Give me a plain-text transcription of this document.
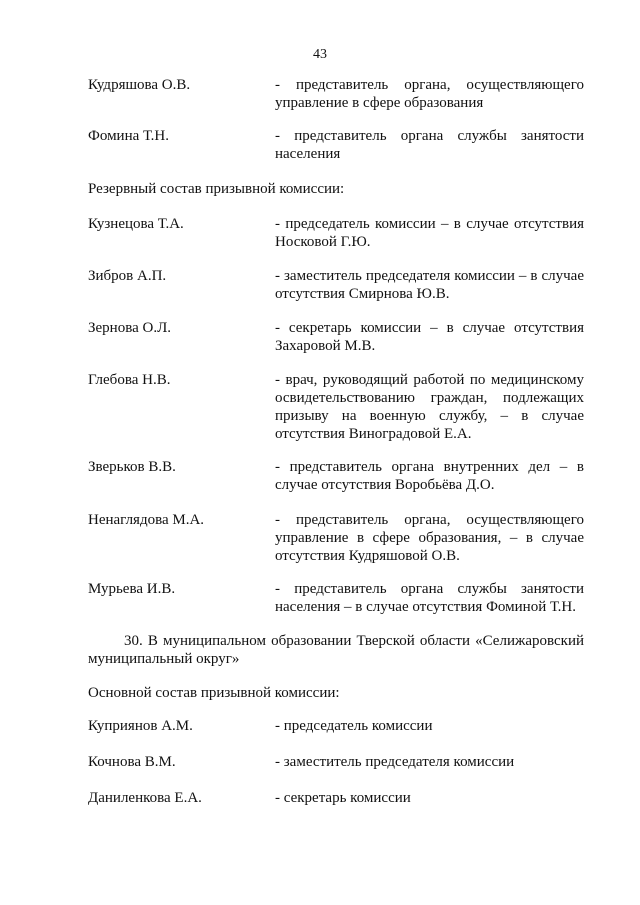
43
Кудряшова О.В.	- представитель органа, осуществляющего управление в сфере образования
Фомина Т.Н.	- представитель органа службы занятости населения
Резервный состав призывной комиссии:
Кузнецова Т.А.	- председатель комиссии – в случае отсутствия Носковой Г.Ю.
Зибров А.П.	- заместитель председателя комиссии – в случае отсутствия Смирнова Ю.В.
Зернова О.Л.	- секретарь комиссии – в случае отсутствия Захаровой М.В.
Глебова Н.В.	- врач, руководящий работой по медицинскому освидетельствованию граждан, подлежащих призыву на военную службу, – в случае отсутствия Виноградовой Е.А.
Зверьков В.В.	- представитель органа внутренних дел – в случае отсутствия Воробьёва Д.О.
Ненаглядова М.А.	- представитель органа, осуществляющего управление в сфере образования, – в случае отсутствия Кудряшовой О.В.
Мурьева И.В.	- представитель органа службы занятости населения – в случае отсутствия Фоминой Т.Н.
30. В муниципальном образовании Тверской области «Селижаровский муниципальный округ»
Основной состав призывной комиссии:
Куприянов А.М.	- председатель комиссии
Кочнова В.М.	- заместитель председателя комиссии
Даниленкова Е.А.	- секретарь комиссии
